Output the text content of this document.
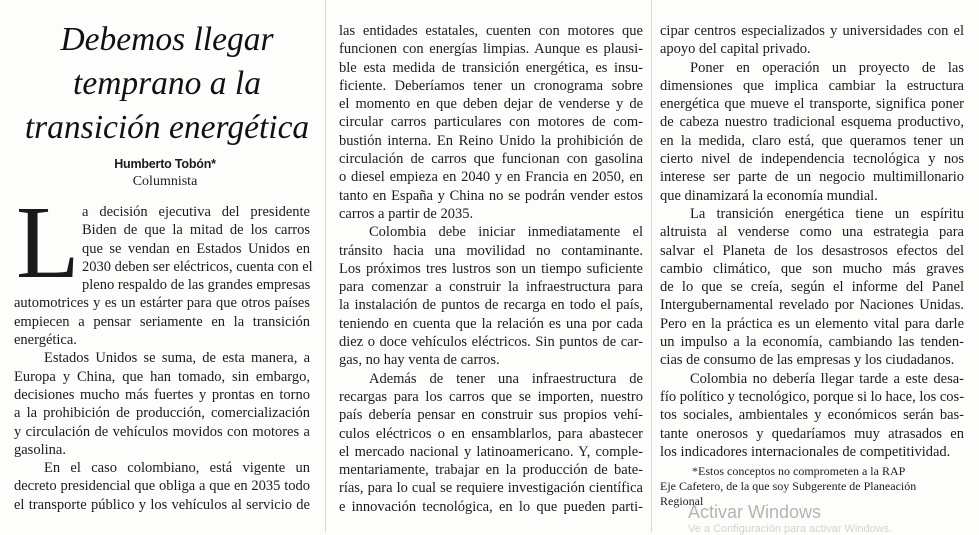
Debemos llegar
temprano a la
transición energética
Humberto Tobón*
Columnista
L a decisión ejecutiva del presidente
Biden de que la mitad de los carros
que se vendan en Estados Unidos en
2030 deben ser eléctricos, cuenta con el
pleno respaldo de las grandes empresas
automotrices y es un estárter para que otros países
empiecen a pensar seriamente en la transición
energética.
Estados Unidos se suma, de esta manera, a
Europa y China, que han tomado, sin embargo,
decisiones mucho más fuertes y prontas en torno
a la prohibición de producción, comercialización
y circulación de vehículos movidos con motores a
gasolina.
En el caso colombiano, está vigente un
decreto presidencial que obliga a que en 2035 todo
el transporte público y los vehículos al servicio de
las entidades estatales, cuenten con motores que
funcionen con energías limpias. Aunque es plausi-
ble esta medida de transición energética, es insu-
ficiente. Deberíamos tener un cronograma sobre
el momento en que deben dejar de venderse y de
circular carros particulares con motores de com-
bustión interna. En Reino Unido la prohibición de
circulación de carros que funcionan con gasolina
o diesel empieza en 2040 y en Francia en 2050, en
tanto en España y China no se podrán vender estos
carros a partir de 2035.
Colombia debe iniciar inmediatamente el
tránsito hacia una movilidad no contaminante.
Los próximos tres lustros son un tiempo suficiente
para comenzar a construir la infraestructura para
la instalación de puntos de recarga en todo el país,
teniendo en cuenta que la relación es una por cada
diez o doce vehículos eléctricos. Sin puntos de car-
gas, no hay venta de carros.
Además de tener una infraestructura de
recargas para los carros que se importen, nuestro
país debería pensar en construir sus propios vehí-
culos eléctricos o en ensamblarlos, para abastecer
el mercado nacional y latinoamericano. Y, comple-
mentariamente, trabajar en la producción de bate-
rías, para lo cual se requiere investigación científica
e innovación tecnológica, en lo que pueden parti-
cipar centros especializados y universidades con el
apoyo del capital privado.
Poner en operación un proyecto de las
dimensiones que implica cambiar la estructura
energética que mueve el transporte, significa poner
de cabeza nuestro tradicional esquema productivo,
en la medida, claro está, que queramos tener un
cierto nivel de independencia tecnológica y nos
interese ser parte de un negocio multimillonario
que dinamizará la economía mundial.
La transición energética tiene un espíritu
altruista al venderse como una estrategia para
salvar el Planeta de los desastrosos efectos del
cambio climático, que son mucho más graves
de lo que se creía, según el informe del Panel
Intergubernamental revelado por Naciones Unidas.
Pero en la práctica es un elemento vital para darle
un impulso a la economía, cambiando las tenden-
cias de consumo de las empresas y los ciudadanos.
Colombia no debería llegar tarde a este desa-
fío político y tecnológico, porque si lo hace, los cos-
tos sociales, ambientales y económicos serán bas-
tante onerosos y quedaríamos muy atrasados en
los indicadores internacionales de competitividad.
*Estos conceptos no comprometen a la RAP
Eje Cafetero, de la que soy Subgerente de Planeación
Regional
Activar Windows
Ve a Configuración para activar Windows.
